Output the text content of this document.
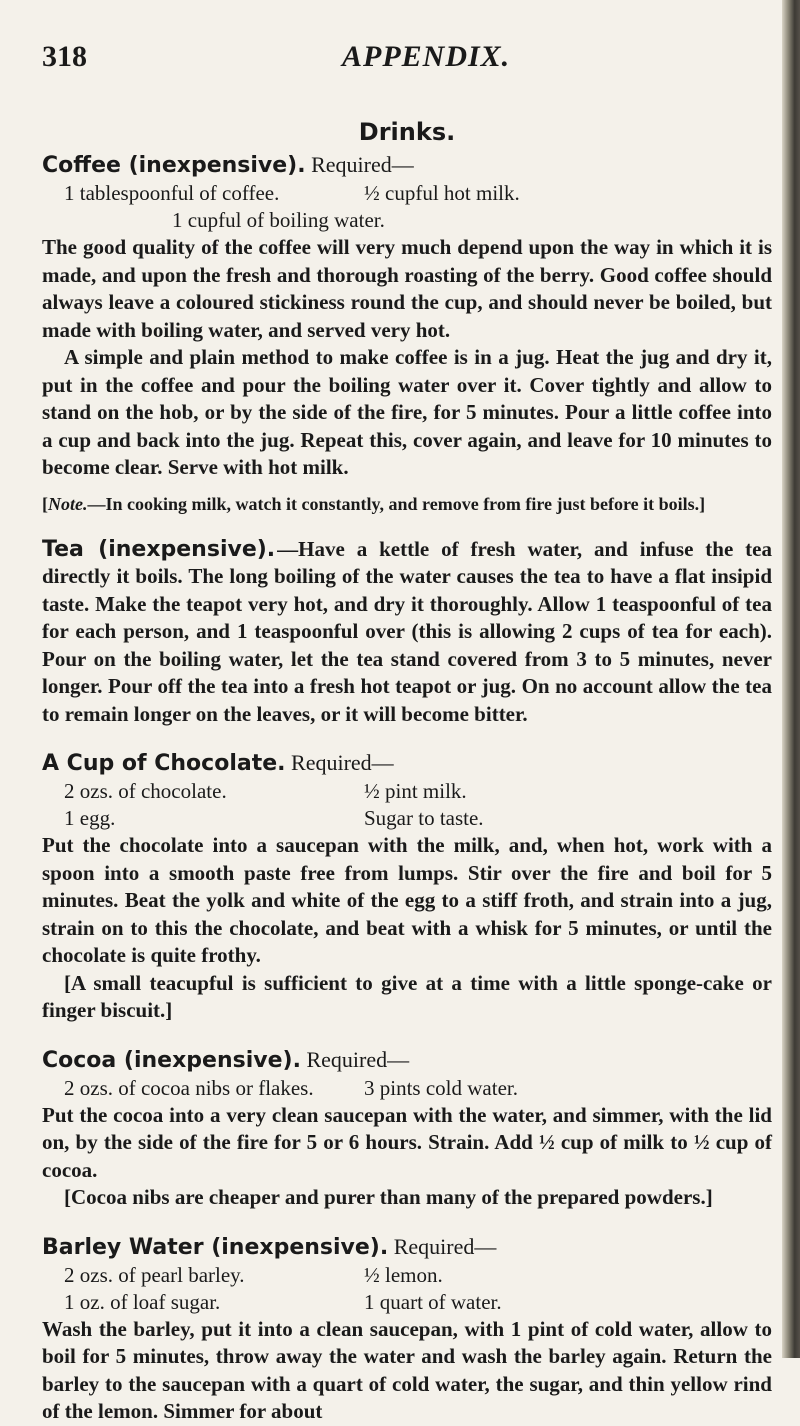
318	APPENDIX.
Drinks.
Coffee (inexpensive). Required—
1 tablespoonful of coffee.	½ cupful hot milk.
1 cupful of boiling water.

The good quality of the coffee will very much depend upon the way in which it is made, and upon the fresh and thorough roasting of the berry. Good coffee should always leave a coloured stickiness round the cup, and should never be boiled, but made with boiling water, and served very hot.

A simple and plain method to make coffee is in a jug. Heat the jug and dry it, put in the coffee and pour the boiling water over it. Cover tightly and allow to stand on the hob, or by the side of the fire, for 5 minutes. Pour a little coffee into a cup and back into the jug. Repeat this, cover again, and leave for 10 minutes to become clear. Serve with hot milk.

[Note.—In cooking milk, watch it constantly, and remove from fire just before it boils.]

Tea (inexpensive).—Have a kettle of fresh water, and infuse the tea directly it boils. The long boiling of the water causes the tea to have a flat insipid taste. Make the teapot very hot, and dry it thoroughly. Allow 1 teaspoonful of tea for each person, and 1 teaspoonful over (this is allowing 2 cups of tea for each). Pour on the boiling water, let the tea stand covered from 3 to 5 minutes, never longer. Pour off the tea into a fresh hot teapot or jug. On no account allow the tea to remain longer on the leaves, or it will become bitter.

A Cup of Chocolate. Required—
2 ozs. of chocolate.	½ pint milk.
1 egg.	Sugar to taste.

Put the chocolate into a saucepan with the milk, and, when hot, work with a spoon into a smooth paste free from lumps. Stir over the fire and boil for 5 minutes. Beat the yolk and white of the egg to a stiff froth, and strain into a jug, strain on to this the chocolate, and beat with a whisk for 5 minutes, or until the chocolate is quite frothy.

[A small teacupful is sufficient to give at a time with a little sponge-cake or finger biscuit.]

Cocoa (inexpensive). Required—
2 ozs. of cocoa nibs or flakes.	3 pints cold water.

Put the cocoa into a very clean saucepan with the water, and simmer, with the lid on, by the side of the fire for 5 or 6 hours. Strain. Add ½ cup of milk to ½ cup of cocoa.

[Cocoa nibs are cheaper and purer than many of the prepared powders.]

Barley Water (inexpensive). Required—
2 ozs. of pearl barley.	½ lemon.
1 oz. of loaf sugar.	1 quart of water.

Wash the barley, put it into a clean saucepan, with 1 pint of cold water, allow to boil for 5 minutes, throw away the water and wash the barley again. Return the barley to the saucepan with a quart of cold water, the sugar, and thin yellow rind of the lemon. Simmer for about
